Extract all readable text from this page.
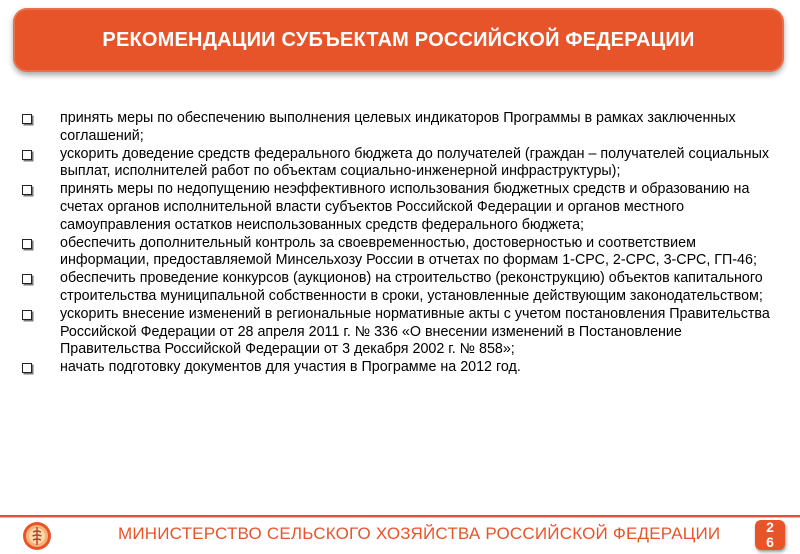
РЕКОМЕНДАЦИИ СУБЪЕКТАМ РОССИЙСКОЙ ФЕДЕРАЦИИ
принять меры по обеспечению выполнения целевых индикаторов Программы в рамках заключенных соглашений;
ускорить доведение средств федерального бюджета до получателей (граждан – получателей социальных выплат, исполнителей работ по объектам социально-инженерной инфраструктуры);
принять меры по недопущению неэффективного использования бюджетных средств и образованию на счетах органов исполнительной власти субъектов Российской Федерации и органов местного самоуправления остатков неиспользованных средств федерального бюджета;
обеспечить дополнительный контроль за своевременностью, достоверностью и соответствием информации, предоставляемой Минсельхозу России в отчетах по формам 1-СРС, 2-СРС, 3-СРС, ГП-46;
обеспечить проведение конкурсов (аукционов) на строительство (реконструкцию) объектов капитального строительства муниципальной собственности в сроки, установленные действующим законодательством;
ускорить внесение изменений в региональные нормативные акты с учетом постановления Правительства Российской Федерации от 28 апреля 2011 г. № 336 «О внесении изменений в Постановление Правительства Российской Федерации от 3 декабря 2002 г. № 858»;
начать подготовку документов для участия в Программе на 2012 год.
МИНИСТЕРСТВО СЕЛЬСКОГО ХОЗЯЙСТВА РОССИЙСКОЙ ФЕДЕРАЦИИ	2
6
